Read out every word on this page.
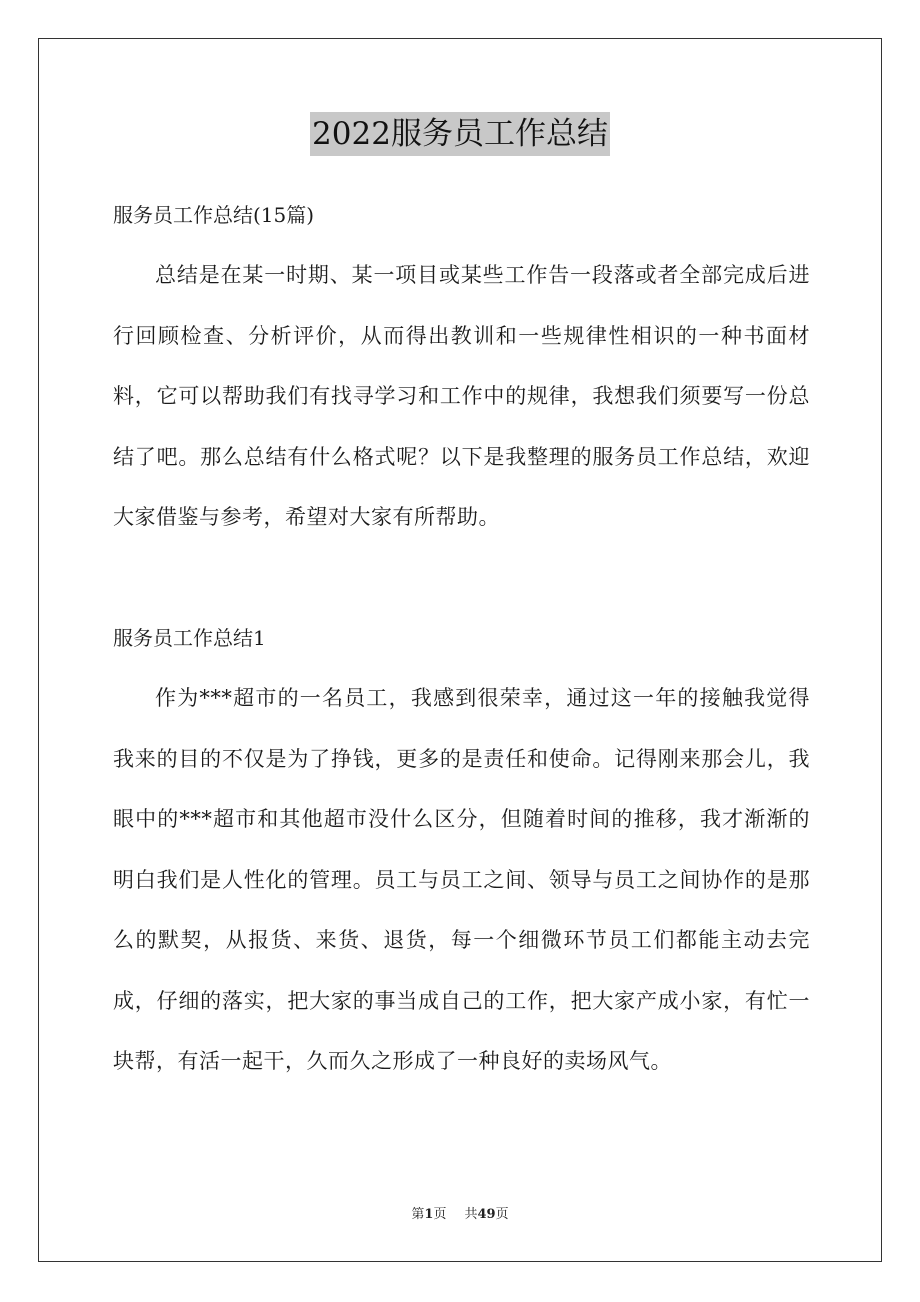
2022服务员工作总结
服务员工作总结(15篇)

总结是在某一时期、某一项目或某些工作告一段落或者全部完成后进行回顾检查、分析评价，从而得出教训和一些规律性相识的一种书面材料，它可以帮助我们有找寻学习和工作中的规律，我想我们须要写一份总结了吧。那么总结有什么格式呢？以下是我整理的服务员工作总结，欢迎大家借鉴与参考，希望对大家有所帮助。

服务员工作总结1

作为***超市的一名员工，我感到很荣幸，通过这一年的接触我觉得我来的目的不仅是为了挣钱，更多的是责任和使命。记得刚来那会儿，我眼中的***超市和其他超市没什么区分，但随着时间的推移，我才渐渐的明白我们是人性化的管理。员工与员工之间、领导与员工之间协作的是那么的默契，从报货、来货、退货，每一个细微环节员工们都能主动去完成，仔细的落实，把大家的事当成自己的工作，把大家产成小家，有忙一块帮，有活一起干，久而久之形成了一种良好的卖场风气。

第1页 共49页
